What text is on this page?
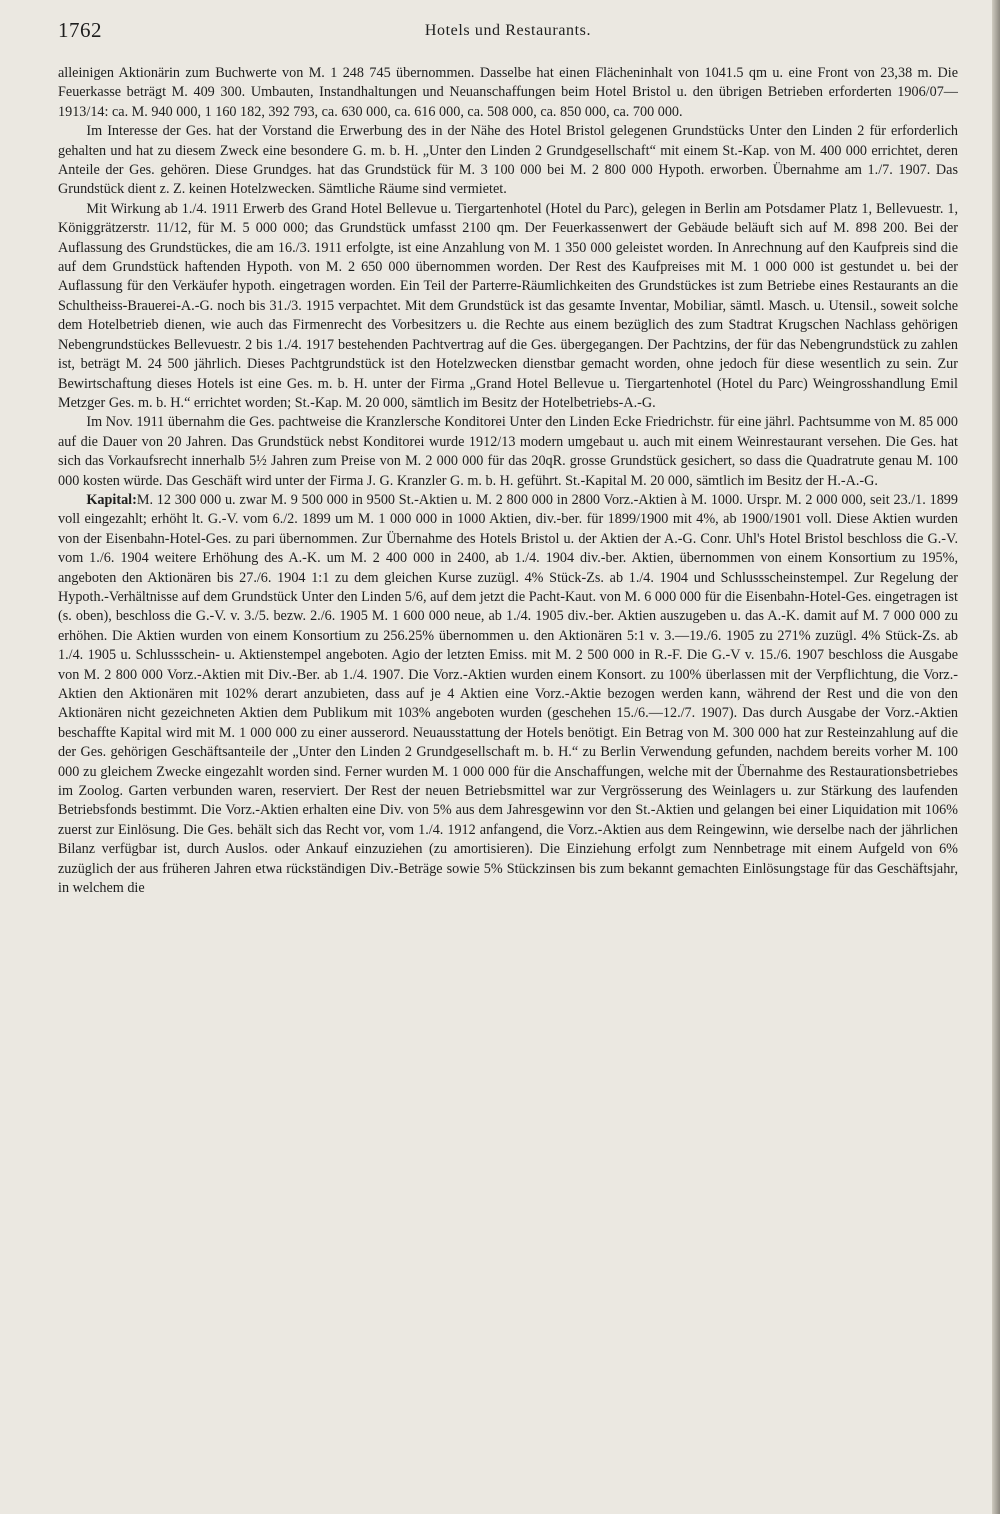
1762	Hotels und Restaurants.

alleinigen Aktionärin zum Buchwerte von M. 1 248 745 übernommen. Dasselbe hat einen Flächeninhalt von 1041.5 qm u. eine Front von 23,38 m. Die Feuerkasse beträgt M. 409 300. Umbauten, Instandhaltungen und Neuanschaffungen beim Hotel Bristol u. den übrigen Betrieben erforderten 1906/07—1913/14: ca. M. 940 000, 1 160 182, 392 793, ca. 630 000, ca. 616 000, ca. 508 000, ca. 850 000, ca. 700 000.

Im Interesse der Ges. hat der Vorstand die Erwerbung des in der Nähe des Hotel Bristol gelegenen Grundstücks Unter den Linden 2 für erforderlich gehalten und hat zu diesem Zweck eine besondere G. m. b. H. „Unter den Linden 2 Grundgesellschaft“ mit einem St.-Kap. von M. 400 000 errichtet, deren Anteile der Ges. gehören. Diese Grundges. hat das Grundstück für M. 3 100 000 bei M. 2 800 000 Hypoth. erworben. Übernahme am 1./7. 1907. Das Grundstück dient z. Z. keinen Hotelzwecken. Sämtliche Räume sind vermietet.

Mit Wirkung ab 1./4. 1911 Erwerb des Grand Hotel Bellevue u. Tiergartenhotel (Hotel du Parc), gelegen in Berlin am Potsdamer Platz 1, Bellevuestr. 1, Königgrätzerstr. 11/12, für M. 5 000 000; das Grundstück umfasst 2100 qm. Der Feuerkassenwert der Gebäude beläuft sich auf M. 898 200. Bei der Auflassung des Grundstückes, die am 16./3. 1911 erfolgte, ist eine Anzahlung von M. 1 350 000 geleistet worden. In Anrechnung auf den Kaufpreis sind die auf dem Grundstück haftenden Hypoth. von M. 2 650 000 übernommen worden. Der Rest des Kaufpreises mit M. 1 000 000 ist gestundet u. bei der Auflassung für den Verkäufer hypoth. eingetragen worden. Ein Teil der Parterre-Räumlichkeiten des Grundstückes ist zum Betriebe eines Restaurants an die Schultheiss-Brauerei-A.-G. noch bis 31./3. 1915 verpachtet. Mit dem Grundstück ist das gesamte Inventar, Mobiliar, sämtl. Masch. u. Utensil., soweit solche dem Hotelbetrieb dienen, wie auch das Firmenrecht des Vorbesitzers u. die Rechte aus einem bezüglich des zum Stadtrat Krugschen Nachlass gehörigen Nebengrundstückes Bellevuestr. 2 bis 1./4. 1917 bestehenden Pachtvertrag auf die Ges. übergegangen. Der Pachtzins, der für das Nebengrundstück zu zahlen ist, beträgt M. 24 500 jährlich. Dieses Pachtgrundstück ist den Hotelzwecken dienstbar gemacht worden, ohne jedoch für diese wesentlich zu sein. Zur Bewirtschaftung dieses Hotels ist eine Ges. m. b. H. unter der Firma „Grand Hotel Bellevue u. Tiergartenhotel (Hotel du Parc) Weingrosshandlung Emil Metzger Ges. m. b. H.“ errichtet worden; St.-Kap. M. 20 000, sämtlich im Besitz der Hotelbetriebs-A.-G.

Im Nov. 1911 übernahm die Ges. pachtweise die Kranzlersche Konditorei Unter den Linden Ecke Friedrichstr. für eine jährl. Pachtsumme von M. 85 000 auf die Dauer von 20 Jahren. Das Grundstück nebst Konditorei wurde 1912/13 modern umgebaut u. auch mit einem Weinrestaurant versehen. Die Ges. hat sich das Vorkaufsrecht innerhalb 5½ Jahren zum Preise von M. 2 000 000 für das 20qR. grosse Grundstück gesichert, so dass die Quadratrute genau M. 100 000 kosten würde. Das Geschäft wird unter der Firma J. G. Kranzler G. m. b. H. geführt. St.-Kapital M. 20 000, sämtlich im Besitz der H.-A.-G.

Kapital:M. 12 300 000 u. zwar M. 9 500 000 in 9500 St.-Aktien u. M. 2 800 000 in 2800 Vorz.-Aktien à M. 1000. Urspr. M. 2 000 000, seit 23./1. 1899 voll eingezahlt; erhöht lt. G.-V. vom 6./2. 1899 um M. 1 000 000 in 1000 Aktien, div.-ber. für 1899/1900 mit 4%, ab 1900/1901 voll. Diese Aktien wurden von der Eisenbahn-Hotel-Ges. zu pari übernommen. Zur Übernahme des Hotels Bristol u. der Aktien der A.-G. Conr. Uhl's Hotel Bristol beschloss die G.-V. vom 1./6. 1904 weitere Erhöhung des A.-K. um M. 2 400 000 in 2400, ab 1./4. 1904 div.-ber. Aktien, übernommen von einem Konsortium zu 195%, angeboten den Aktionären bis 27./6. 1904 1:1 zu dem gleichen Kurse zuzügl. 4% Stück-Zs. ab 1./4. 1904 und Schlussscheinstempel. Zur Regelung der Hypoth.-Verhältnisse auf dem Grundstück Unter den Linden 5/6, auf dem jetzt die Pacht-Kaut. von M. 6 000 000 für die Eisenbahn-Hotel-Ges. eingetragen ist (s. oben), beschloss die G.-V. v. 3./5. bezw. 2./6. 1905 M. 1 600 000 neue, ab 1./4. 1905 div.-ber. Aktien auszugeben u. das A.-K. damit auf M. 7 000 000 zu erhöhen. Die Aktien wurden von einem Konsortium zu 256.25% übernommen u. den Aktionären 5:1 v. 3.—19./6. 1905 zu 271% zuzügl. 4% Stück-Zs. ab 1./4. 1905 u. Schlussschein- u. Aktienstempel angeboten. Agio der letzten Emiss. mit M. 2 500 000 in R.-F. Die G.-V v. 15./6. 1907 beschloss die Ausgabe von M. 2 800 000 Vorz.-Aktien mit Div.-Ber. ab 1./4. 1907. Die Vorz.-Aktien wurden einem Konsort. zu 100% überlassen mit der Verpflichtung, die Vorz.-Aktien den Aktionären mit 102% derart anzubieten, dass auf je 4 Aktien eine Vorz.-Aktie bezogen werden kann, während der Rest und die von den Aktionären nicht gezeichneten Aktien dem Publikum mit 103% angeboten wurden (geschehen 15./6.—12./7. 1907). Das durch Ausgabe der Vorz.-Aktien beschaffte Kapital wird mit M. 1 000 000 zu einer ausserord. Neuausstattung der Hotels benötigt. Ein Betrag von M. 300 000 hat zur Resteinzahlung auf die der Ges. gehörigen Geschäftsanteile der „Unter den Linden 2 Grundgesellschaft m. b. H.“ zu Berlin Verwendung gefunden, nachdem bereits vorher M. 100 000 zu gleichem Zwecke eingezahlt worden sind. Ferner wurden M. 1 000 000 für die Anschaffungen, welche mit der Übernahme des Restaurationsbetriebes im Zoolog. Garten verbunden waren, reserviert. Der Rest der neuen Betriebsmittel war zur Vergrösserung des Weinlagers u. zur Stärkung des laufenden Betriebsfonds bestimmt. Die Vorz.-Aktien erhalten eine Div. von 5% aus dem Jahresgewinn vor den St.-Aktien und gelangen bei einer Liquidation mit 106% zuerst zur Einlösung. Die Ges. behält sich das Recht vor, vom 1./4. 1912 anfangend, die Vorz.-Aktien aus dem Reingewinn, wie derselbe nach der jährlichen Bilanz verfügbar ist, durch Auslos. oder Ankauf einzuziehen (zu amortisieren). Die Einziehung erfolgt zum Nennbetrage mit einem Aufgeld von 6% zuzüglich der aus früheren Jahren etwa rückständigen Div.-Beträge sowie 5% Stückzinsen bis zum bekannt gemachten Einlösungstage für das Geschäftsjahr, in welchem die
